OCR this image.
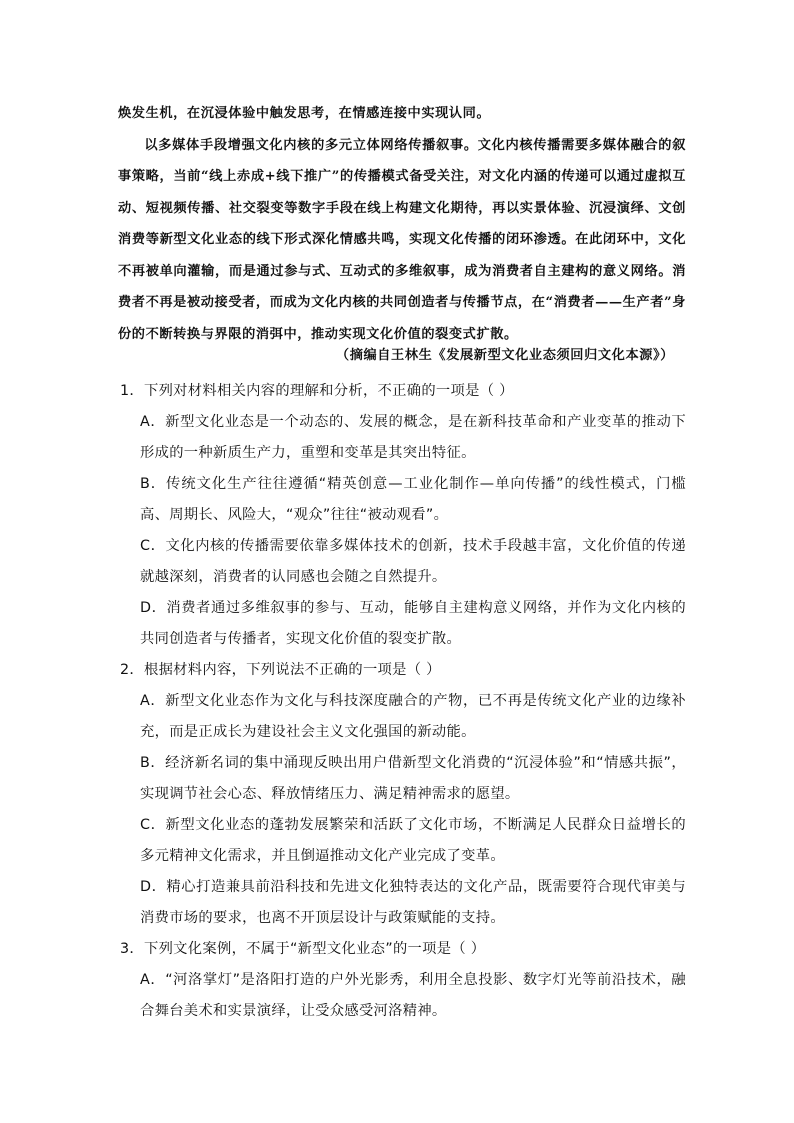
焕发生机，在沉浸体验中触发思考，在情感连接中实现认同。

以多媒体手段增强文化内核的多元立体网络传播叙事。文化内核传播需要多媒体融合的叙事策略，当前“线上赤成+线下推广”的传播模式备受关注，对文化内涵的传递可以通过虚拟互动、短视频传播、社交裂变等数字手段在线上构建文化期待，再以实景体验、沉浸演绎、文创消费等新型文化业态的线下形式深化情感共鸣，实现文化传播的闭环渗透。在此闭环中，文化不再被单向灌输，而是通过参与式、互动式的多维叙事，成为消费者自主建构的意义网络。消费者不再是被动接受者，而成为文化内核的共同创造者与传播节点，在“消费者——生产者”身份的不断转换与界限的消弭中，推动实现文化价值的裂变式扩散。

（摘编自王林生《发展新型文化业态须回归文化本源》）

1．下列对材料相关内容的理解和分析，不正确的一项是（ ）

A．新型文化业态是一个动态的、发展的概念，是在新科技革命和产业变革的推动下形成的一种新质生产力，重塑和变革是其突出特征。

B．传统文化生产往往遵循“精英创意—工业化制作—单向传播”的线性模式，门槛高、周期长、风险大，“观众”往往“被动观看”。

C．文化内核的传播需要依靠多媒体技术的创新，技术手段越丰富，文化价值的传递就越深刻，消费者的认同感也会随之自然提升。

D．消费者通过多维叙事的参与、互动，能够自主建构意义网络，并作为文化内核的共同创造者与传播者，实现文化价值的裂变扩散。

2．根据材料内容，下列说法不正确的一项是（ ）

A．新型文化业态作为文化与科技深度融合的产物，已不再是传统文化产业的边缘补充，而是正成长为建设社会主义文化强国的新动能。

B．经济新名词的集中涌现反映出用户借新型文化消费的“沉浸体验”和“情感共振”，实现调节社会心态、释放情绪压力、满足精神需求的愿望。

C．新型文化业态的蓬勃发展繁荣和活跃了文化市场，不断满足人民群众日益增长的多元精神文化需求，并且倒逼推动文化产业完成了变革。

D．精心打造兼具前沿科技和先进文化独特表达的文化产品，既需要符合现代审美与消费市场的要求，也离不开顶层设计与政策赋能的支持。

3．下列文化案例，不属于“新型文化业态”的一项是（ ）

A．“河洛掌灯”是洛阳打造的户外光影秀，利用全息投影、数字灯光等前沿技术，融合舞台美术和实景演绎，让受众感受河洛精神。
